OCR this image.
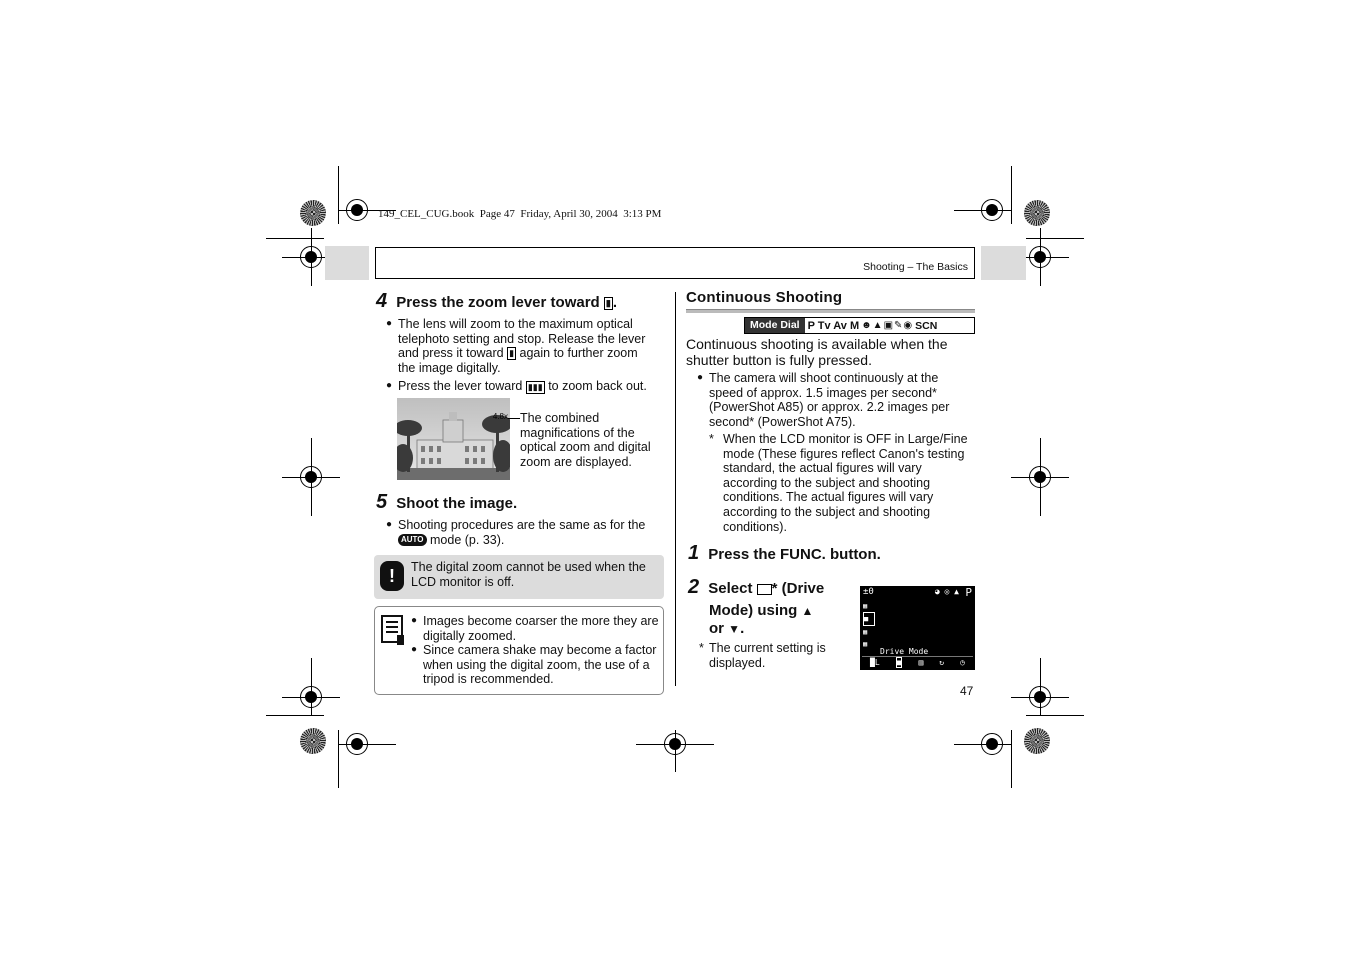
149_CEL_CUG.book  Page 47  Friday, April 30, 2004  3:13 PM
Shooting – The Basics
4 Press the zoom lever toward ▮ .
● The lens will zoom to the maximum optical telephoto setting and stop. Release the lever and press it toward ▮ again to further zoom the image digitally.
● Press the lever toward ▮▮▮ to zoom back out.
4.8x The combined magnifications of the optical zoom and digital zoom are displayed.
5 Shoot the image.
● Shooting procedures are the same as for the AUTO mode (p. 33).
!	The digital zoom cannot be used when the LCD monitor is off.
● Images become coarser the more they are digitally zoomed.
● Since camera shake may become a factor when using the digital zoom, the use of a tripod is recommended.
Continuous Shooting
Mode Dial P Tv Av M ☻▲▣✎◉ SCN
Continuous shooting is available when the shutter button is fully pressed.
● The camera will shoot continuously at the speed of approx. 1.5 images per second* (PowerShot A85) or approx. 2.2 images per second* (PowerShot A75).
* When the LCD monitor is OFF in Large/Fine mode (These figures reflect Canon's testing standard, the actual figures will vary according to the subject and shooting conditions. The actual figures will vary according to the subject and shooting conditions).
1 Press the FUNC. button.
2 Select * (Drive
Mode) using ▲
or ▼.
* The current setting is displayed.
±0	P
◕ ◎ ▲
▦
■
▦
▦
Drive Mode
█L ■ ▥ ↻ ◷
47
